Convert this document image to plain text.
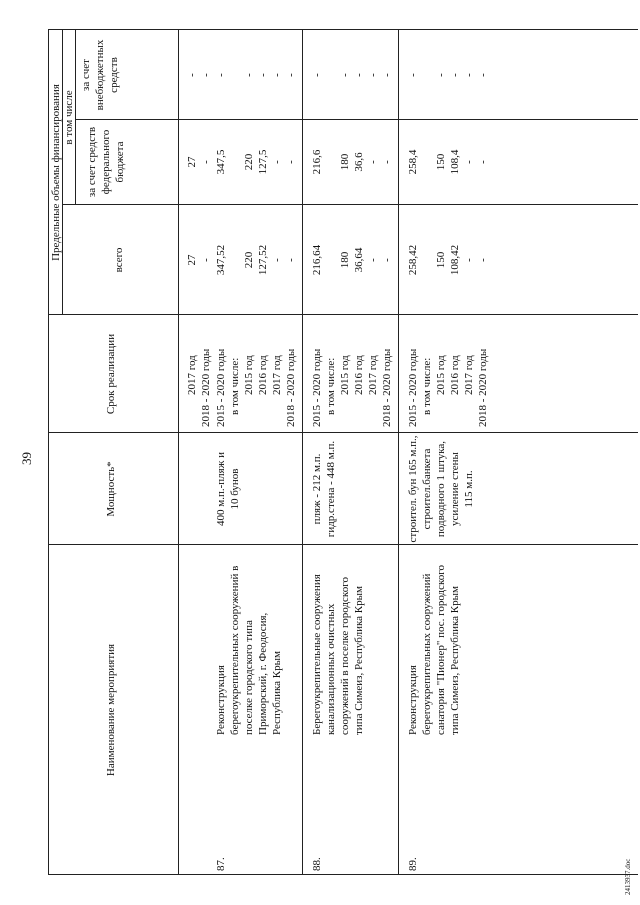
39
Наименование мероприятия
Мощность*
Срок реализации
Предельные объемы финансирования	всего
в том числе
за счет средств федерального бюджета
за счет внебюджетных средств
2017 год
27
27
-
2018 - 2020 годы
-
-
-
87.
Реконструкция берегоукрепительных сооружений в поселке городского типа Приморский, г. Феодосия, Республика Крым
400 м.п.-пляж и 10 бунов
2015 - 2020 годы
347,52
347,5
-
в том числе: 2015 год
220
220
-
2016 год
127,52
127,5
-
2017 год
-
-
-
2018 - 2020 годы
-
-
-
88.
Берегоукрепительные сооружения канализационных очистных сооружений в поселке городского типа Симеиз, Республика Крым
пляж - 212 м.п. гидр.стена - 448 м.п.
2015 - 2020 годы
216,64
216,6
-
в том числе: 2015 год
180
180
-
2016 год
36,64
36,6
-
2017 год
-
-
-
2018 - 2020 годы
-
-
-
89.
Реконструкция берегоукрепительных сооружений санатория "Пионер" пос. городского типа Симеиз, Республика Крым
строител. бун 165 м.п., строител.банкета подводного 1 штука, усиление стены 115 м.п.
2015 - 2020 годы
258,42
258,4
-
в том числе: 2015 год
150
150
-
2016 год
108,42
108,4
-
2017 год
-
-
-
2018 - 2020 годы
-
-
-
2413937.doc
